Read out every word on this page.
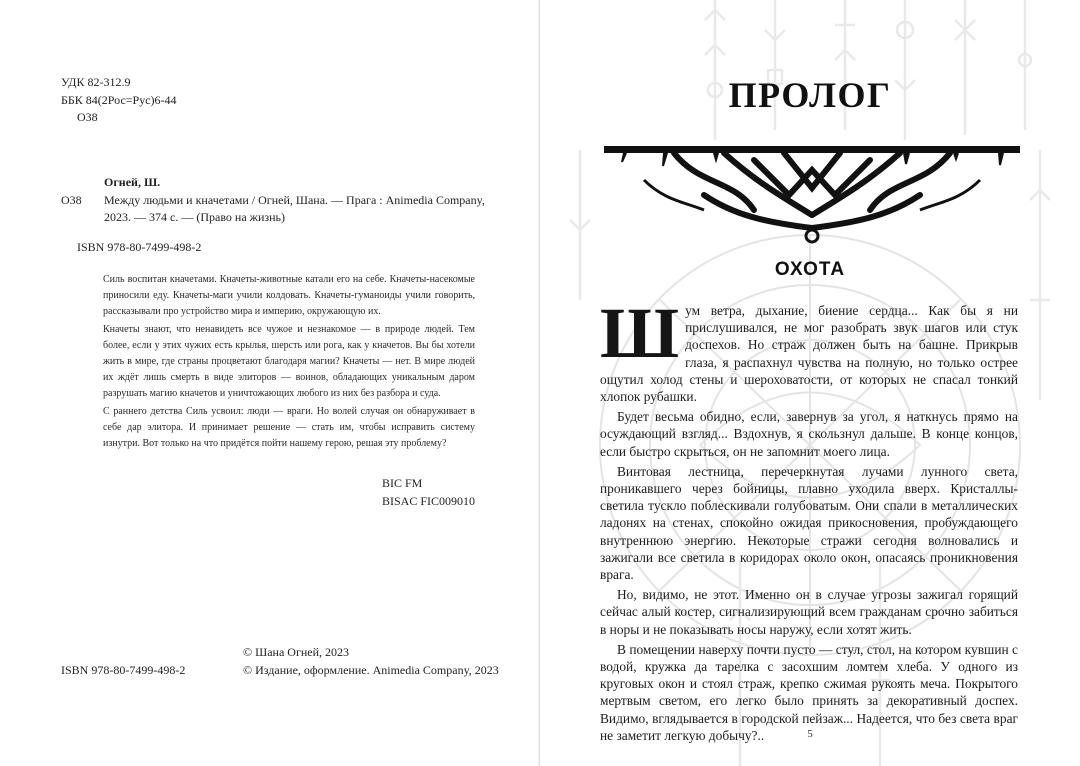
УДК 82-312.9
ББК 84(2Рос=Рус)6-44
О38
Огней, Ш.
О38 Между людьми и кначетами / Огней, Шана. — Прага : Animedia Company,
2023. — 374 с. — (Право на жизнь)
ISBN 978-80-7499-498-2

Силь воспитан кначетами. Кначеты-животные катали его на себе. Кначеты-насекомые приносили еду. Кначеты-маги учили колдовать. Кначеты-гуманоиды учили говорить, рассказывали про устройство мира и империю, окружающую их.

Кначеты знают, что ненавидеть все чужое и незнакомое — в природе людей. Тем более, если у этих чужих есть крылья, шерсть или рога, как у кначетов. Вы бы хотели жить в мире, где страны процветают благодаря магии? Кначеты — нет. В мире людей их ждёт лишь смерть в виде элиторов — воинов, обладающих уникальным даром разрушать магию кначетов и уничтожающих любого из них без разбора и суда.

С раннего детства Силь усвоил: люди — враги. Но волей случая он обнаруживает в себе дар элитора. И принимает решение — стать им, чтобы исправить систему изнутри. Вот только на что придётся пойти нашему герою, решая эту проблему?

BIC FM
BISAC FIC009010
© Шана Огней, 2023
ISBN 978-80-7499-498-2	© Издание, оформление. Animedia Company, 2023
ПРОЛОГ
ОХОТА

Шум ветра, дыхание, биение сердца... Как бы я ни прислушивался, не мог разобрать звук шагов или стук доспехов. Но страж должен быть на башне. Прикрыв глаза, я распахнул чувства на полную, но только острее ощутил холод стены и шероховатости, от которых не спасал тонкий хлопок рубашки.

Будет весьма обидно, если, завернув за угол, я наткнусь прямо на осуждающий взгляд... Вздохнув, я скользнул дальше. В конце концов, если быстро скрыться, он не запомнит моего лица.

Винтовая лестница, перечеркнутая лучами лунного света, проникавшего через бойницы, плавно уходила вверх. Кристаллы-светила тускло поблескивали голубоватым. Они спали в металлических ладонях на стенах, спокойно ожидая прикосновения, пробуждающего внутреннюю энергию. Некоторые стражи сегодня волновались и зажигали все светила в коридорах около окон, опасаясь проникновения врага.

Но, видимо, не этот. Именно он в случае угрозы зажигал горящий сейчас алый костер, сигнализирующий всем гражданам срочно забиться в норы и не показывать носы наружу, если хотят жить.

В помещении наверху почти пусто — стул, стол, на котором кувшин с водой, кружка да тарелка с засохшим ломтем хлеба. У одного из круговых окон и стоял страж, крепко сжимая рукоять меча. Покрытого мертвым светом, его легко было принять за декоративный доспех. Видимо, вглядывается в городской пейзаж... Надеется, что без света враг не заметит легкую добычу?..	5
